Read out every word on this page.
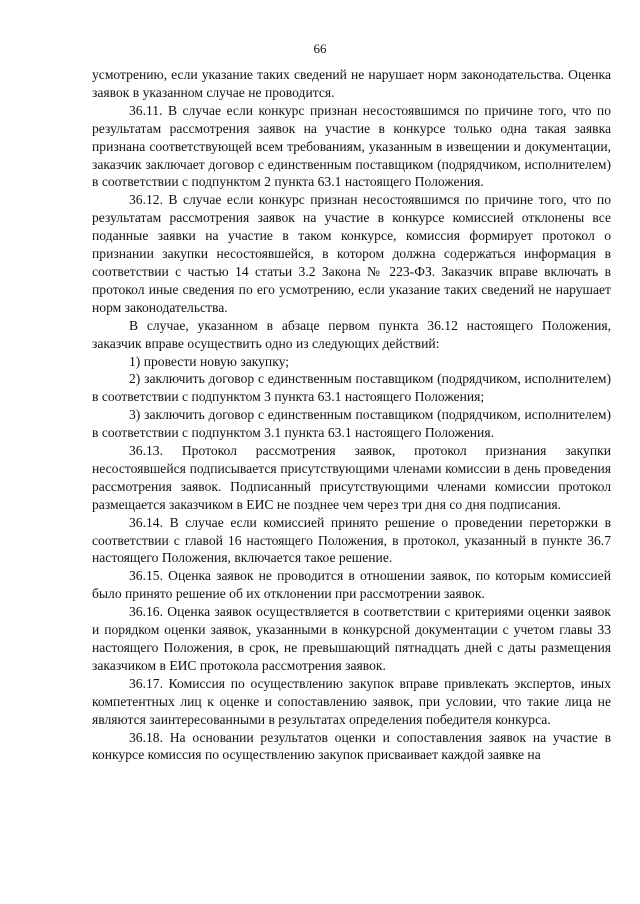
66

усмотрению, если указание таких сведений не нарушает норм законодательства. Оценка заявок в указанном случае не проводится.

36.11. В случае если конкурс признан несостоявшимся по причине того, что по результатам рассмотрения заявок на участие в конкурсе только одна такая заявка признана соответствующей всем требованиям, указанным в извещении и документации, заказчик заключает договор с единственным поставщиком (подрядчиком, исполнителем) в соответствии с подпунктом 2 пункта 63.1 настоящего Положения.

36.12. В случае если конкурс признан несостоявшимся по причине того, что по результатам рассмотрения заявок на участие в конкурсе комиссией отклонены все поданные заявки на участие в таком конкурсе, комиссия формирует протокол о признании закупки несостоявшейся, в котором должна содержаться информация в соответствии с частью 14 статьи 3.2 Закона № 223-ФЗ. Заказчик вправе включать в протокол иные сведения по его усмотрению, если указание таких сведений не нарушает норм законодательства.

В случае, указанном в абзаце первом пункта 36.12 настоящего Положения, заказчик вправе осуществить одно из следующих действий:

1) провести новую закупку;

2) заключить договор с единственным поставщиком (подрядчиком, исполнителем) в соответствии с подпунктом 3 пункта 63.1 настоящего Положения;

3) заключить договор с единственным поставщиком (подрядчиком, исполнителем) в соответствии с подпунктом 3.1 пункта 63.1 настоящего Положения.

36.13. Протокол рассмотрения заявок, протокол признания закупки несостоявшейся подписывается присутствующими членами комиссии в день проведения рассмотрения заявок. Подписанный присутствующими членами комиссии протокол размещается заказчиком в ЕИС не позднее чем через три дня со дня подписания.

36.14. В случае если комиссией принято решение о проведении переторжки в соответствии с главой 16 настоящего Положения, в протокол, указанный в пункте 36.7 настоящего Положения, включается такое решение.

36.15. Оценка заявок не проводится в отношении заявок, по которым комиссией было принято решение об их отклонении при рассмотрении заявок.

36.16. Оценка заявок осуществляется в соответствии с критериями оценки заявок и порядком оценки заявок, указанными в конкурсной документации с учетом главы 33 настоящего Положения, в срок, не превышающий пятнадцать дней с даты размещения заказчиком в ЕИС протокола рассмотрения заявок.

36.17. Комиссия по осуществлению закупок вправе привлекать экспертов, иных компетентных лиц к оценке и сопоставлению заявок, при условии, что такие лица не являются заинтересованными в результатах определения победителя конкурса.

36.18. На основании результатов оценки и сопоставления заявок на участие в конкурсе комиссия по осуществлению закупок присваивает каждой заявке на
